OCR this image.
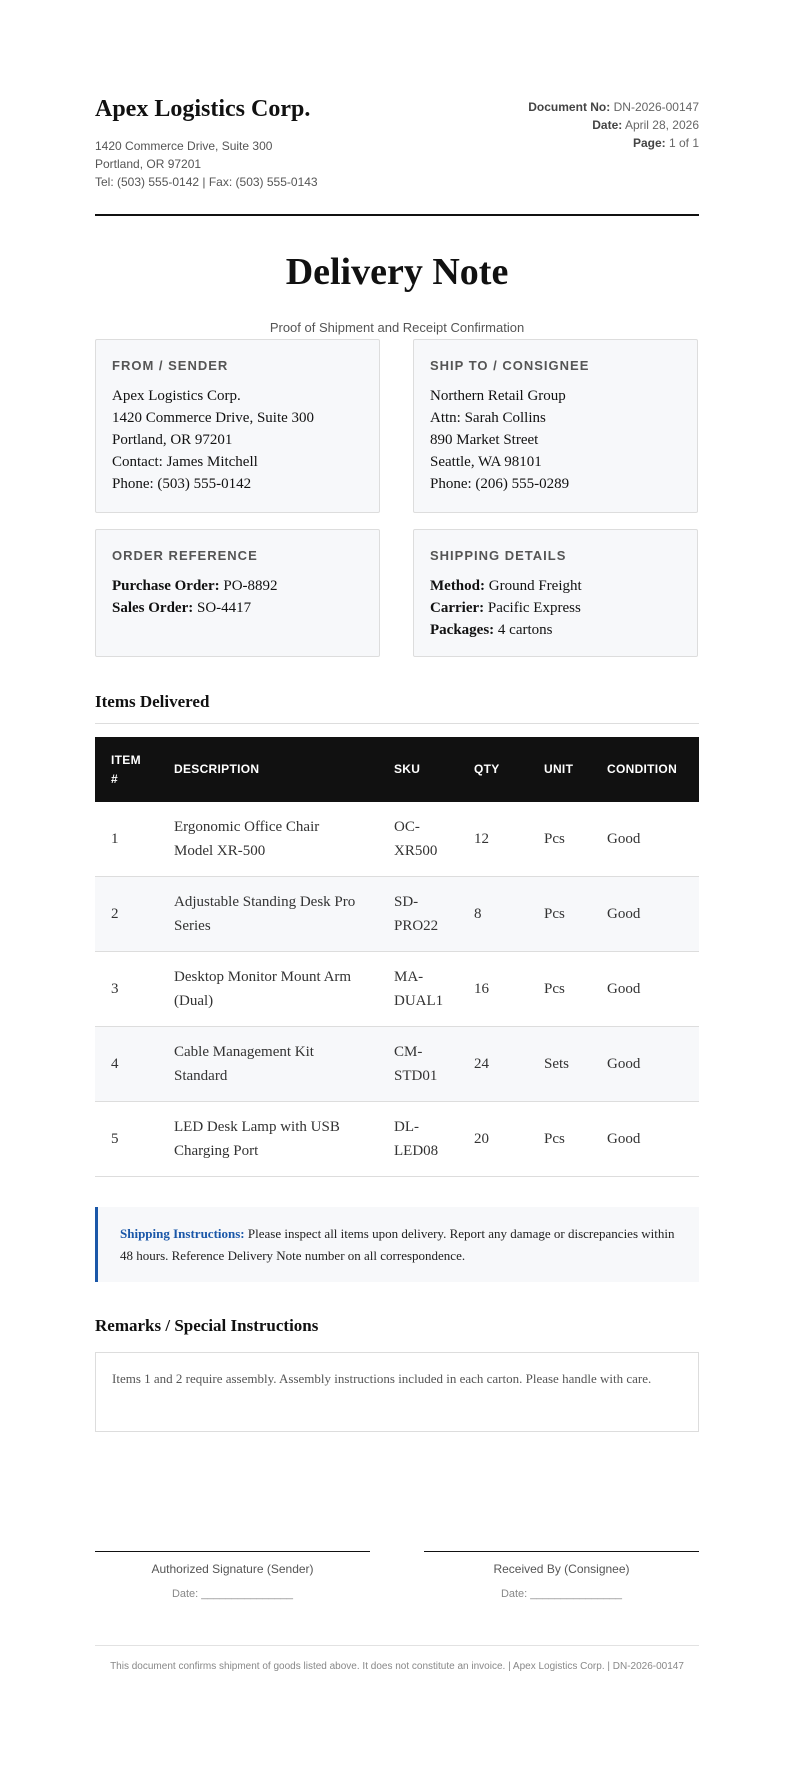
Apex Logistics Corp.
1420 Commerce Drive, Suite 300
Portland, OR 97201
Tel: (503) 555-0142 | Fax: (503) 555-0143
Document No: DN-2026-00147
Date: April 28, 2026
Page: 1 of 1
Delivery Note
Proof of Shipment and Receipt Confirmation
FROM / SENDER
Apex Logistics Corp.
1420 Commerce Drive, Suite 300
Portland, OR 97201
Contact: James Mitchell
Phone: (503) 555-0142
SHIP TO / CONSIGNEE
Northern Retail Group
Attn: Sarah Collins
890 Market Street
Seattle, WA 98101
Phone: (206) 555-0289
ORDER REFERENCE
Purchase Order: PO-8892
Sales Order: SO-4417
SHIPPING DETAILS
Method: Ground Freight
Carrier: Pacific Express
Packages: 4 cartons
Items Delivered
ITEM #	DESCRIPTION	SKU	QTY	UNIT	CONDITION
1	Ergonomic Office Chair Model XR-500	OC-XR500	12	Pcs	Good
2	Adjustable Standing Desk Pro Series	SD-PRO22	8	Pcs	Good
3	Desktop Monitor Mount Arm (Dual)	MA-DUAL1	16	Pcs	Good
4	Cable Management Kit Standard	CM-STD01	24	Sets	Good
5	LED Desk Lamp with USB Charging Port	DL-LED08	20	Pcs	Good
Shipping Instructions: Please inspect all items upon delivery. Report any damage or discrepancies within 48 hours. Reference Delivery Note number on all correspondence.
Remarks / Special Instructions
Items 1 and 2 require assembly. Assembly instructions included in each carton. Please handle with care.
Authorized Signature (Sender)
Date: _______________
Received By (Consignee)
Date: _______________
This document confirms shipment of goods listed above. It does not constitute an invoice. | Apex Logistics Corp. | DN-2026-00147
